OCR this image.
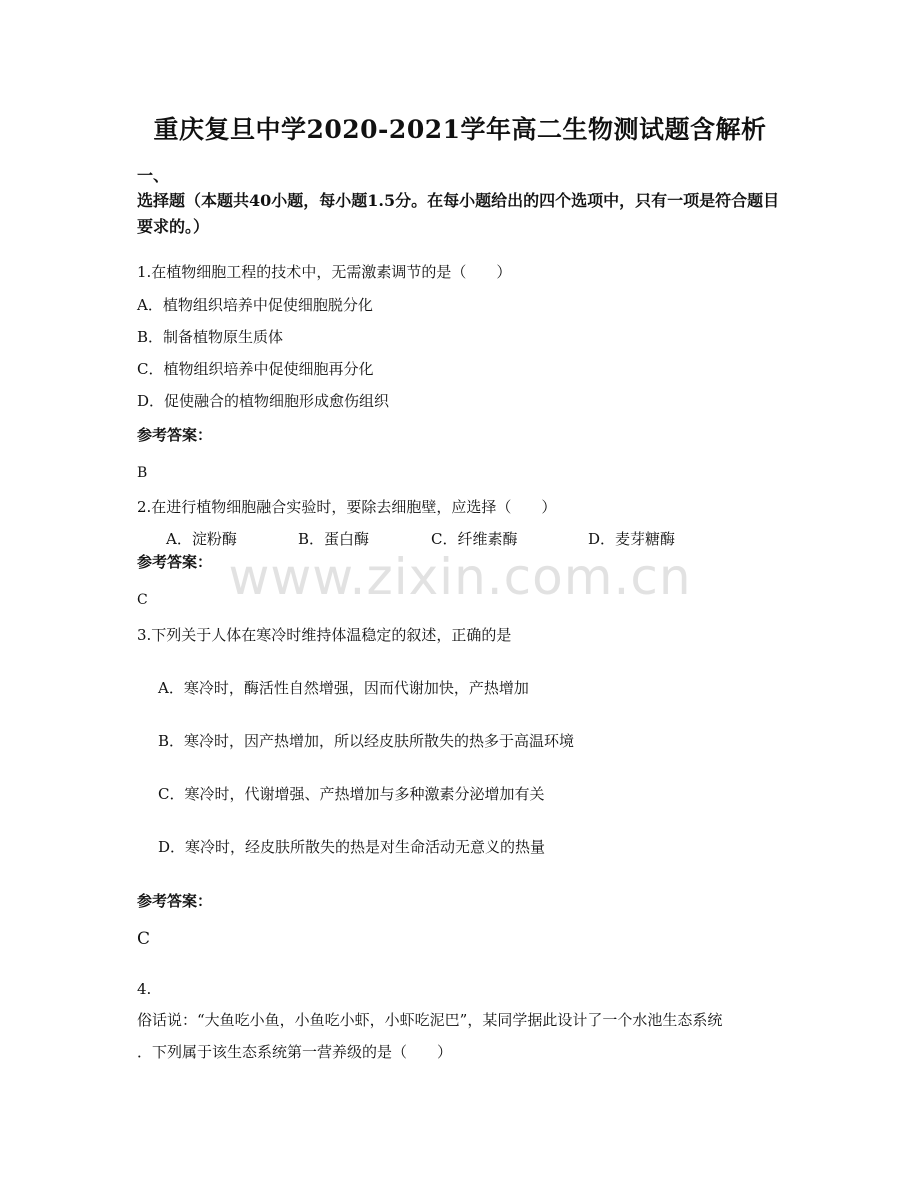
www.zixin.com.cn
重庆复旦中学2020-2021学年高二生物测试题含解析
一、
选择题（本题共40小题，每小题1.5分。在每小题给出的四个选项中，只有一项是符合题目要求的。）
1.在植物细胞工程的技术中，无需激素调节的是（　　）
A．植物组织培养中促使细胞脱分化
B．制备植物原生质体
C．植物组织培养中促使细胞再分化
D．促使融合的植物细胞形成愈伤组织
参考答案：
B
2.在进行植物细胞融合实验时，要除去细胞壁，应选择（　　）
A．淀粉酶	B．蛋白酶	C．纤维素酶	D．麦芽糖酶
参考答案：
C
3.下列关于人体在寒冷时维持体温稳定的叙述，正确的是
A．寒冷时，酶活性自然增强，因而代谢加快，产热增加
B．寒冷时，因产热增加，所以经皮肤所散失的热多于高温环境
C．寒冷时，代谢增强、产热增加与多种激素分泌增加有关
D．寒冷时，经皮肤所散失的热是对生命活动无意义的热量
参考答案：
C
4.
俗话说：“大鱼吃小鱼，小鱼吃小虾，小虾吃泥巴”，某同学据此设计了一个水池生态系统
．下列属于该生态系统第一营养级的是（　　）
